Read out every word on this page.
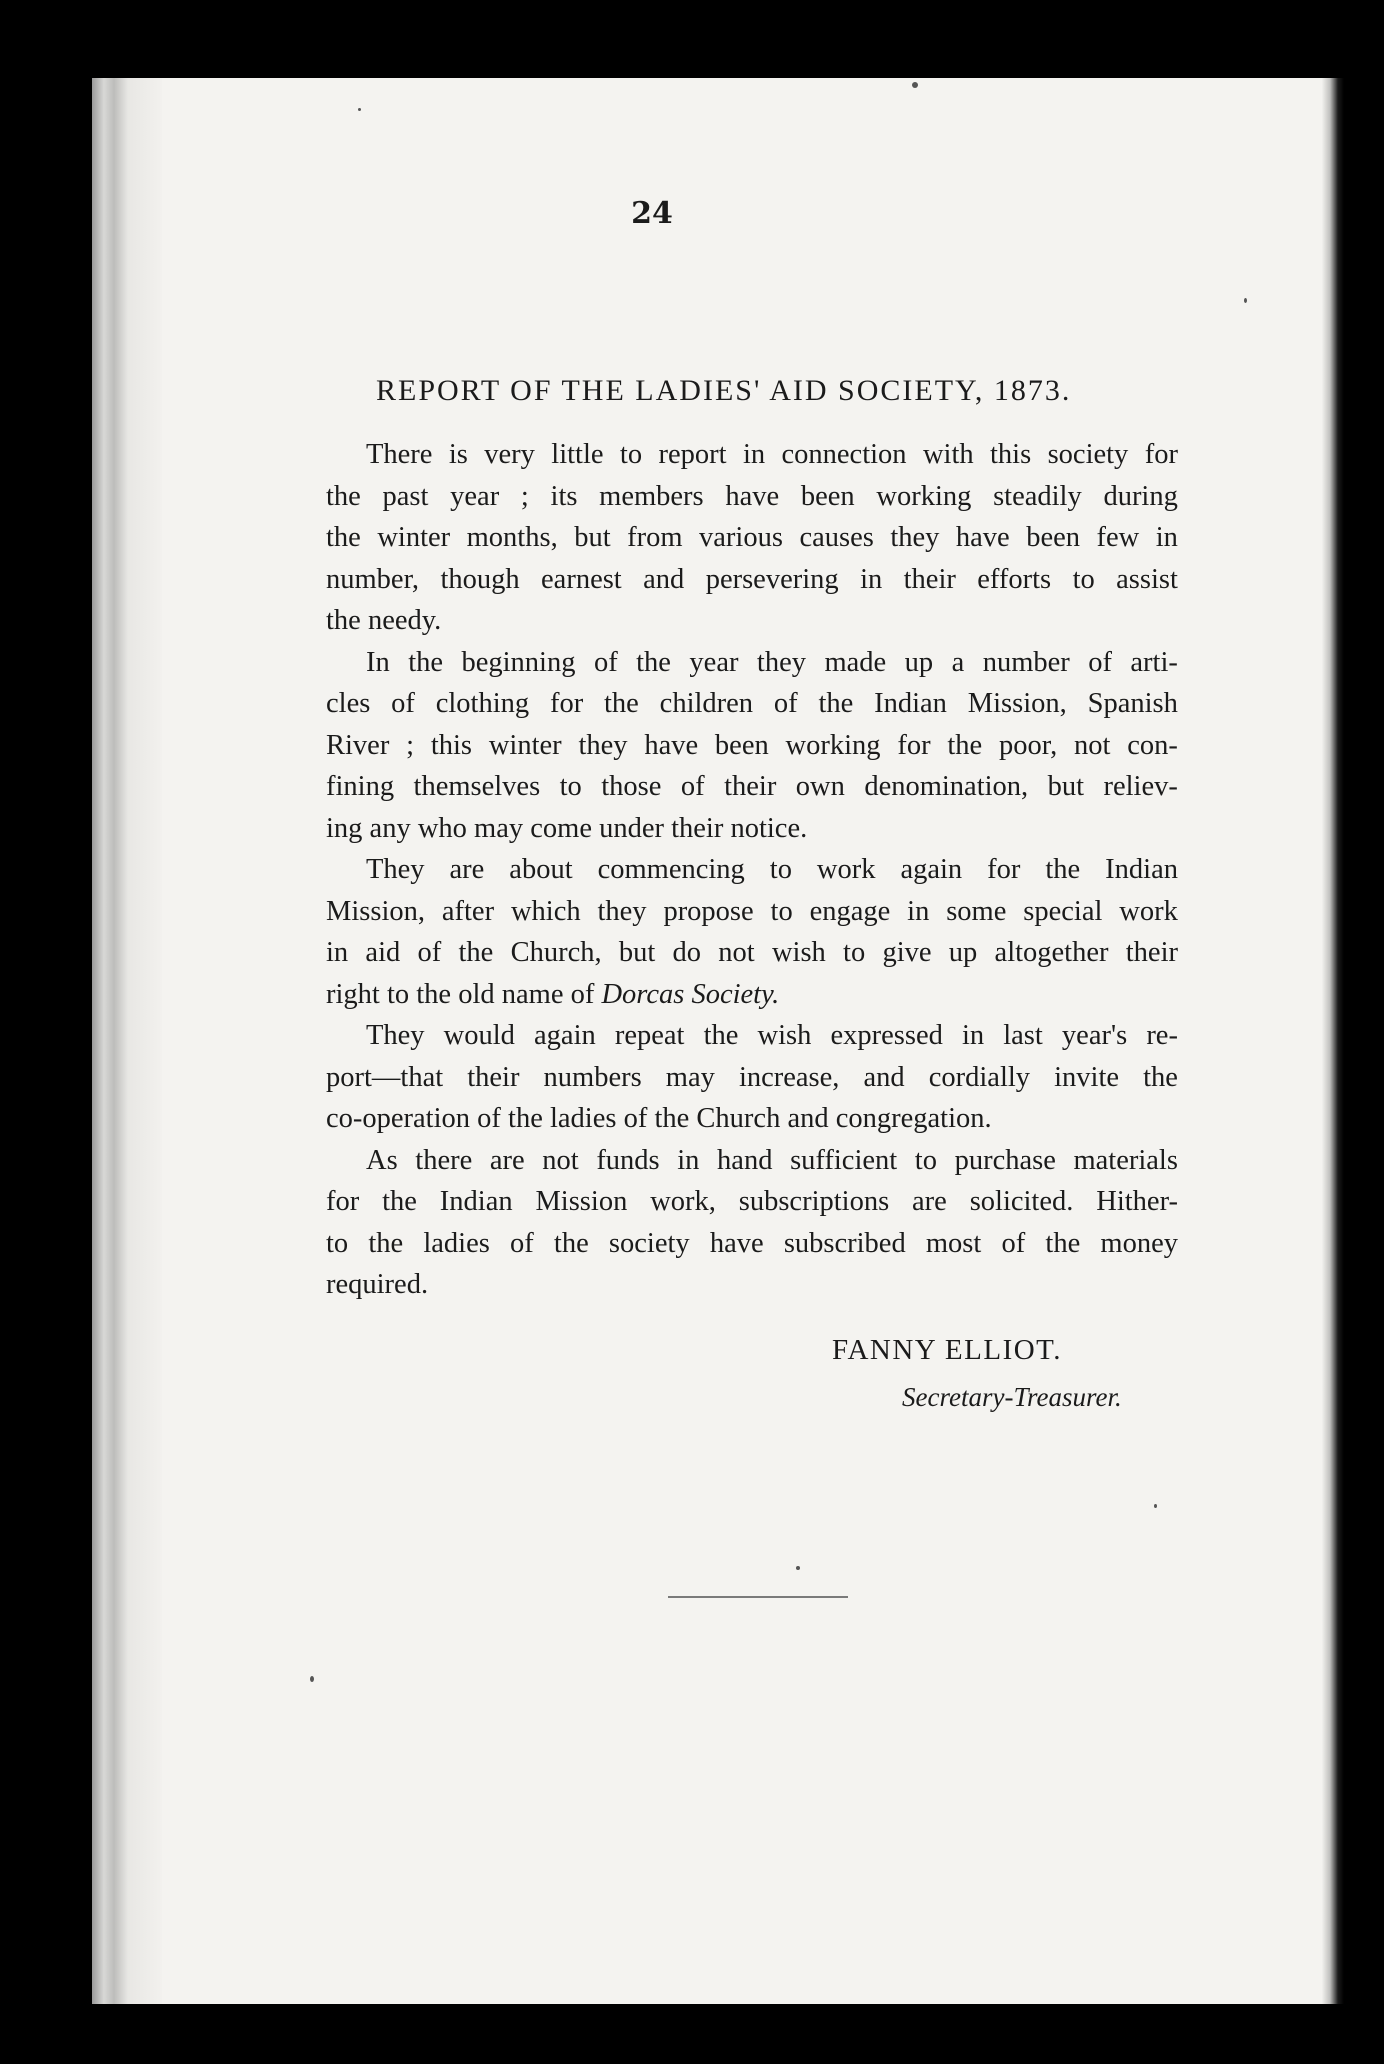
24
REPORT OF THE LADIES' AID SOCIETY, 1873.
There is very little to report in connection with this society for
the past year ; its members have been working steadily during
the winter months, but from various causes they have been few in
number, though earnest and persevering in their efforts to assist
the needy.
In the beginning of the year they made up a number of arti-
cles of clothing for the children of the Indian Mission, Spanish
River ; this winter they have been working for the poor, not con-
fining themselves to those of their own denomination, but reliev-
ing any who may come under their notice.
They are about commencing to work again for the Indian
Mission, after which they propose to engage in some special work
in aid of the Church, but do not wish to give up altogether their
right to the old name of Dorcas Society.
They would again repeat the wish expressed in last year's re-
port—that their numbers may increase, and cordially invite the
co-operation of the ladies of the Church and congregation.
As there are not funds in hand sufficient to purchase materials
for the Indian Mission work, subscriptions are solicited. Hither-
to the ladies of the society have subscribed most of the money
required.
FANNY ELLIOT.
Secretary-Treasurer.
